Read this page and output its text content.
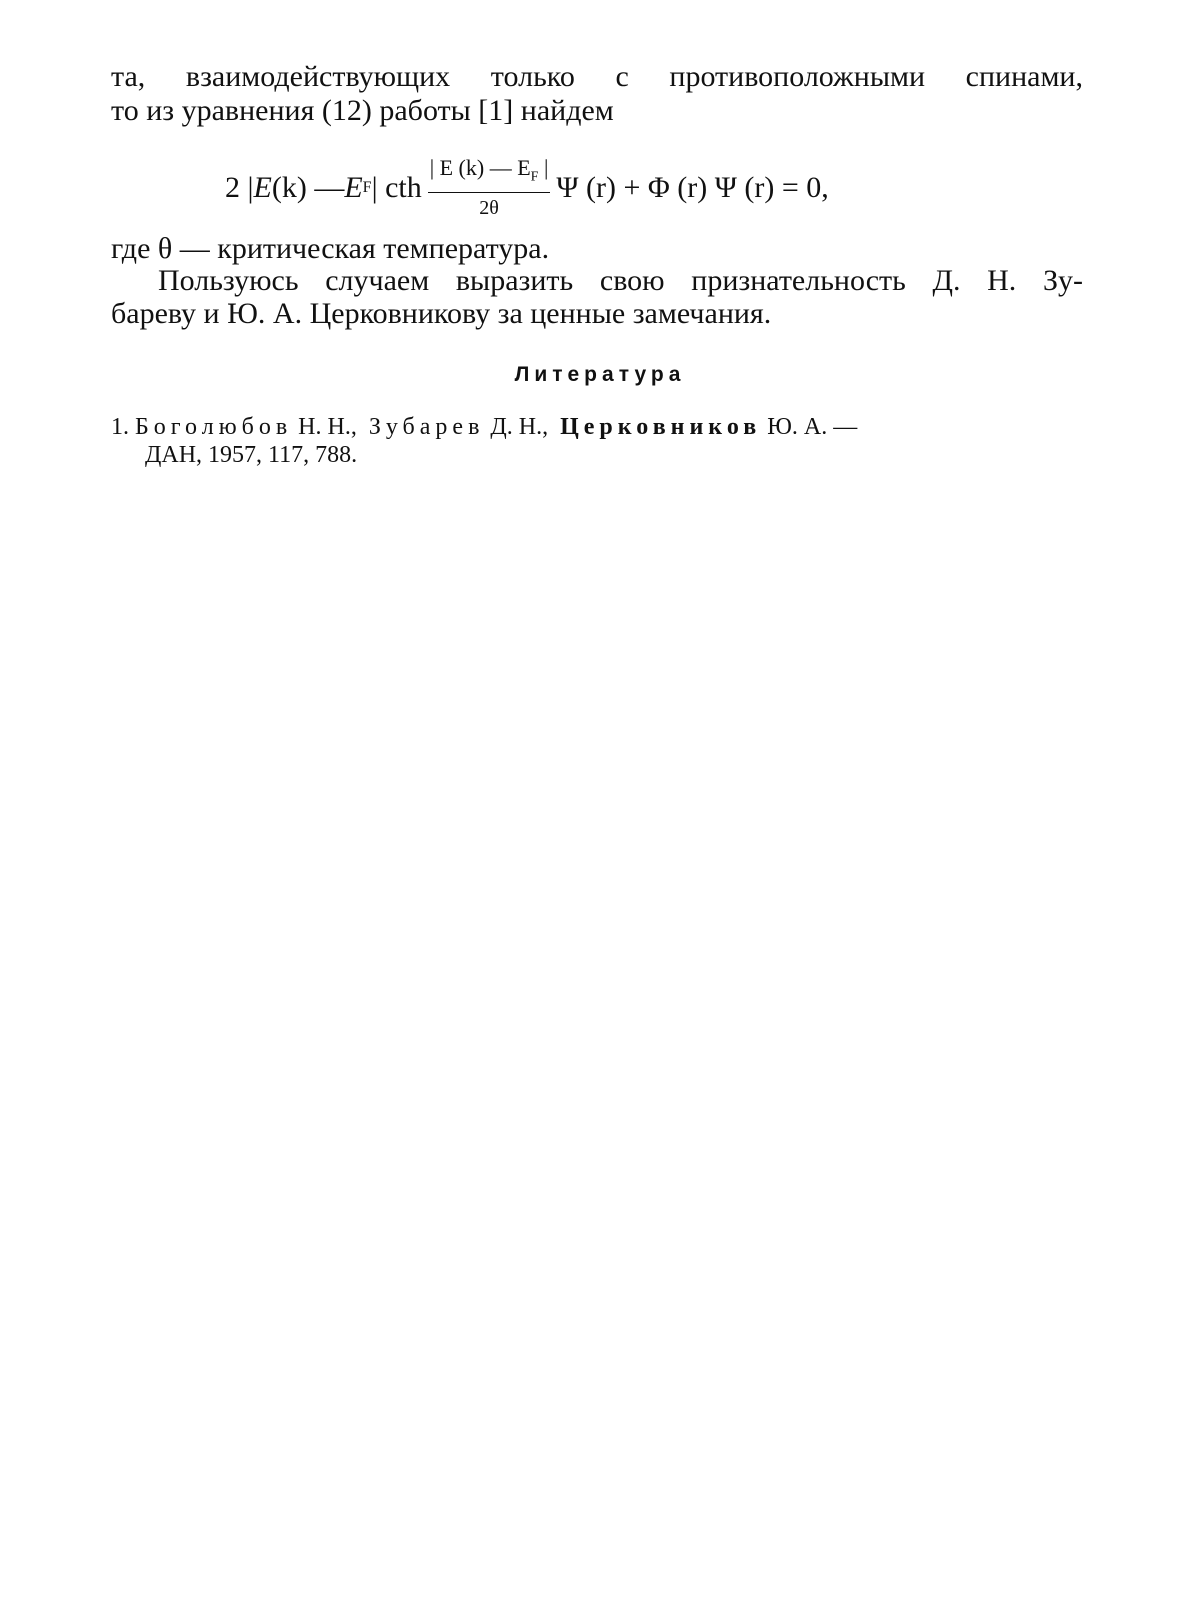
та, взаимодействующих только с противоположными спинами,
то из уравнения (12) работы [1] найдем
2 | E (k) — E F | cth $\frac{| E (k) — E_F |}{2\theta}$ Ψ (r) + Φ (r) Ψ (r) = 0,
где θ — критическая температура.
Пользуюсь случаем выразить свою признательность Д. Н. Зу-
бареву и Ю. А. Церковникову за ценные замечания.
Литература
1. Боголюбов Н. Н., Зубарев Д. Н., Церковников Ю. А. —
ДАН, 1957, 117, 788.
